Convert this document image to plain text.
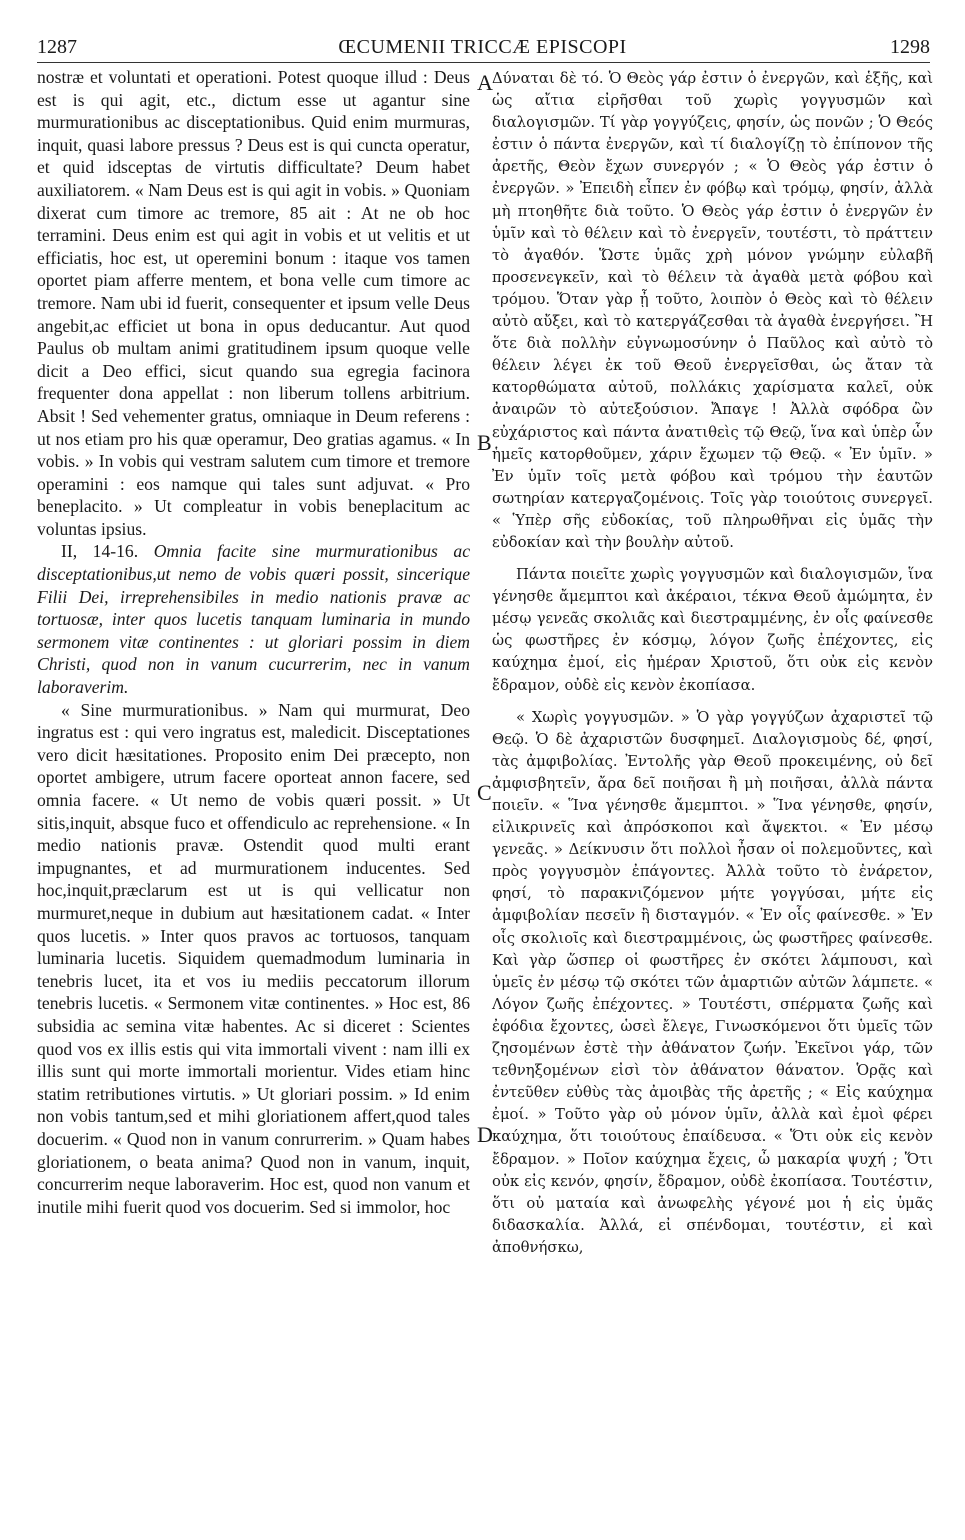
1287	ŒCUMENII TRICCÆ EPISCOPI	1298

nostræ et voluntati et operationi. Potest quoque illud : Deus est is qui agit, etc., dictum esse ut agantur sine murmurationibus ac disceptationibus. Quid enim murmuras, inquit, quasi labore pressus ? Deus est is qui cuncta operatur, et quid idsceptas de virtutis difficultate? Deum habet auxiliatorem. « Nam Deus est is qui agit in vobis. » Quoniam dixerat cum timore ac tremore, 85 ait : At ne ob hoc terramini. Deus enim est qui agit in vobis et ut velitis et ut efficiatis, hoc est, ut operemini bonum : itaque vos tamen oportet piam afferre mentem, et bona velle cum timore ac tremore. Nam ubi id fuerit, consequenter et ipsum velle Deus angebit,ac efficiet ut bona in opus deducantur. Aut quod Paulus ob multam animi gratitudinem ipsum quoque velle dicit a Deo effici, sicut quando sua egregia facinora frequenter dona appellat : non liberum tollens arbitrium. Absit ! Sed vehementer gratus, omniaque in Deum referens : ut nos etiam pro his quæ operamur, Deo gratias agamus. « In vobis. » In vobis qui vestram salutem cum timore et tremore operamini : eos namque qui tales sunt adjuvat. « Pro beneplacito. » Ut compleatur in vobis beneplacitum ac voluntas ipsius.

II, 14-16. Omnia facite sine murmurationibus ac disceptationibus,ut nemo de vobis quæri possit, sincerique Filii Dei, irreprehensibiles in medio nationis pravæ ac tortuosæ, inter quos lucetis tanquam luminaria in mundo sermonem vitæ continentes : ut gloriari possim in diem Christi, quod non in vanum cucurrerim, nec in vanum laboraverim.

« Sine murmurationibus. » Nam qui murmurat, Deo ingratus est : qui vero ingratus est, maledicit. Disceptationes vero dicit hæsitationes. Proposito enim Dei præcepto, non oportet ambigere, utrum facere oporteat annon facere, sed omnia facere. « Ut nemo de vobis quæri possit. » Ut sitis,inquit, absque fuco et offendiculo ac reprehensione. « In medio nationis pravæ. Ostendit quod multi erant impugnantes, et ad murmurationem inducentes. Sed hoc,inquit,præclarum est ut is qui vellicatur non murmuret,neque in dubium aut hæsitationem cadat. « Inter quos lucetis. » Inter quos pravos ac tortuosos, tanquam luminaria lucetis. Siquidem quemadmodum luminaria in tenebris lucet, ita et vos iu mediis peccatorum illorum tenebris lucetis. « Sermonem vitæ continentes. » Hoc est, 86 subsidia ac semina vitæ habentes. Ac si diceret : Scientes quod vos ex illis estis qui vita immortali vivent : nam illi ex illis sunt qui morte immortali morientur. Vides etiam hinc statim retributiones virtutis. » Ut gloriari possim. » Id enim non vobis tantum,sed et mihi gloriationem affert,quod tales docuerim. « Quod non in vanum conrurrerim. » Quam habes gloriationem, o beata anima? Quod non in vanum, inquit, concurrerim neque laboraverim. Hoc est, quod non vanum et inutile mihi fuerit quod vos docuerim. Sed si immolor, hoc

A
B
C
D

Δύναται δὲ τό. Ὁ Θεὸς γάρ ἐστιν ὁ ἐνεργῶν, καὶ ἑξῆς, καὶ ὡς αἴτια εἰρῆσθαι τοῦ χωρὶς γογγυσμῶν καὶ διαλογισμῶν. Τί γὰρ γογγύζεις, φησίν, ὡς πονῶν ; Ὁ Θεός ἐστιν ὁ πάντα ἐνεργῶν, καὶ τί διαλογίζῃ τὸ ἐπίπονον τῆς ἀρετῆς, Θεὸν ἔχων συνεργόν ; « Ὁ Θεὸς γάρ ἐστιν ὁ ἐνεργῶν. » Ἐπειδὴ εἶπεν ἐν φόβῳ καὶ τρόμῳ, φησίν, ἀλλὰ μὴ πτοηθῆτε διὰ τοῦτο. Ὁ Θεὸς γάρ ἐστιν ὁ ἐνεργῶν ἐν ὑμῖν καὶ τὸ θέλειν καὶ τὸ ἐνεργεῖν, τουτέστι, τὸ πράττειν τὸ ἀγαθόν. Ὥστε ὑμᾶς χρὴ μόνον γνώμην εὐλαβῆ προσενεγκεῖν, καὶ τὸ θέλειν τὰ ἀγαθὰ μετὰ φόβου καὶ τρόμου. Ὅταν γὰρ ᾖ τοῦτο, λοιπὸν ὁ Θεὸς καὶ τὸ θέλειν αὐτὸ αὔξει, καὶ τὸ κατεργάζεσθαι τὰ ἀγαθὰ ἐνεργήσει. Ἢ ὅτε διὰ πολλὴν εὐγνωμοσύνην ὁ Παῦλος καὶ αὐτὸ τὸ θέλειν λέγει ἐκ τοῦ Θεοῦ ἐνεργεῖσθαι, ὡς ἄταν τὰ κατορθώματα αὐτοῦ, πολλάκις χαρίσματα καλεῖ, οὐκ ἀναιρῶν τὸ αὐτεξούσιον. Ἄπαγε ! Ἀλλὰ σφόδρα ὢν εὐχάριστος καὶ πάντα ἀνατιθεὶς τῷ Θεῷ, ἵνα καὶ ὑπὲρ ὧν ἡμεῖς κατορθοῦμεν, χάριν ἔχωμεν τῷ Θεῷ. « Ἐν ὑμῖν. » Ἐν ὑμῖν τοῖς μετὰ φόβου καὶ τρόμου τὴν ἑαυτῶν σωτηρίαν κατεργαζομένοις. Τοῖς γὰρ τοιούτοις συνεργεῖ. « Ὑπὲρ σῆς εὐδοκίας, τοῦ πληρωθῆναι εἰς ὑμᾶς τὴν εὐδοκίαν καὶ τὴν βουλὴν αὐτοῦ.

Πάντα ποιεῖτε χωρὶς γογγυσμῶν καὶ διαλογισμῶν, ἵνα γένησθε ἄμεμπτοι καὶ ἀκέραιοι, τέκνα Θεοῦ ἀμώμητα, ἐν μέσῳ γενεᾶς σκολιᾶς καὶ διεστραμμένης, ἐν οἷς φαίνεσθε ὡς φωστῆρες ἐν κόσμῳ, λόγον ζωῆς ἐπέχοντες, εἰς καύχημα ἐμοί, εἰς ἡμέραν Χριστοῦ, ὅτι οὐκ εἰς κενὸν ἔδραμον, οὐδὲ εἰς κενὸν ἐκοπίασα.

« Χωρὶς γογγυσμῶν. » Ὁ γὰρ γογγύζων ἀχαριστεῖ τῷ Θεῷ. Ὁ δὲ ἀχαριστῶν δυσφημεῖ. Διαλογισμοὺς δέ, φησί, τὰς ἀμφιβολίας. Ἐντολῆς γὰρ Θεοῦ προκειμένης, οὐ δεῖ ἀμφισβητεῖν, ἄρα δεῖ ποιῆσαι ἢ μὴ ποιῆσαι, ἀλλὰ πάντα ποιεῖν. « Ἵνα γένησθε ἄμεμπτοι. » Ἵνα γένησθε, φησίν, εἰλικρινεῖς καὶ ἀπρόσκοποι καὶ ἄψεκτοι. « Ἐν μέσῳ γενεᾶς. » Δείκνυσιν ὅτι πολλοὶ ἦσαν οἱ πολεμοῦντες, καὶ πρὸς γογγυσμὸν ἐπάγοντες. Ἀλλὰ τοῦτο τὸ ἐνάρετον, φησί, τὸ παρακνιζόμενον μήτε γογγύσαι, μήτε εἰς ἀμφιβολίαν πεσεῖν ἢ δισταγμόν. « Ἐν οἷς φαίνεσθε. » Ἐν οἷς σκολιοῖς καὶ διεστραμμένοις, ὡς φωστῆρες φαίνεσθε. Καὶ γὰρ ὥσπερ οἱ φωστῆρες ἐν σκότει λάμπουσι, καὶ ὑμεῖς ἐν μέσῳ τῷ σκότει τῶν ἁμαρτιῶν αὐτῶν λάμπετε. « Λόγον ζωῆς ἐπέχοντες. » Τουτέστι, σπέρματα ζωῆς καὶ ἐφόδια ἔχοντες, ὡσεὶ ἔλεγε, Γινωσκόμενοι ὅτι ὑμεῖς τῶν ζησομένων ἐστὲ τὴν ἀθάνατον ζωήν. Ἐκεῖνοι γάρ, τῶν τεθνηξομένων εἰσὶ τὸν ἀθάνατον θάνατον. Ὁρᾷς καὶ ἐντεῦθεν εὐθὺς τὰς ἀμοιβὰς τῆς ἀρετῆς ; « Εἰς καύχημα ἐμοί. » Τοῦτο γὰρ οὐ μόνον ὑμῖν, ἀλλὰ καὶ ἐμοὶ φέρει καύχημα, ὅτι τοιούτους ἐπαίδευσα. « Ὅτι οὐκ εἰς κενὸν ἔδραμον. » Ποῖον καύχημα ἔχεις, ὦ μακαρία ψυχή ; Ὅτι οὐκ εἰς κενόν, φησίν, ἔδραμον, οὐδὲ ἐκοπίασα. Τουτέστιν, ὅτι οὐ ματαία καὶ ἀνωφελὴς γέγονέ μοι ἡ εἰς ὑμᾶς διδασκαλία. Ἀλλά, εἰ σπένδομαι, τουτέστιν, εἰ καὶ ἀποθνήσκω,
